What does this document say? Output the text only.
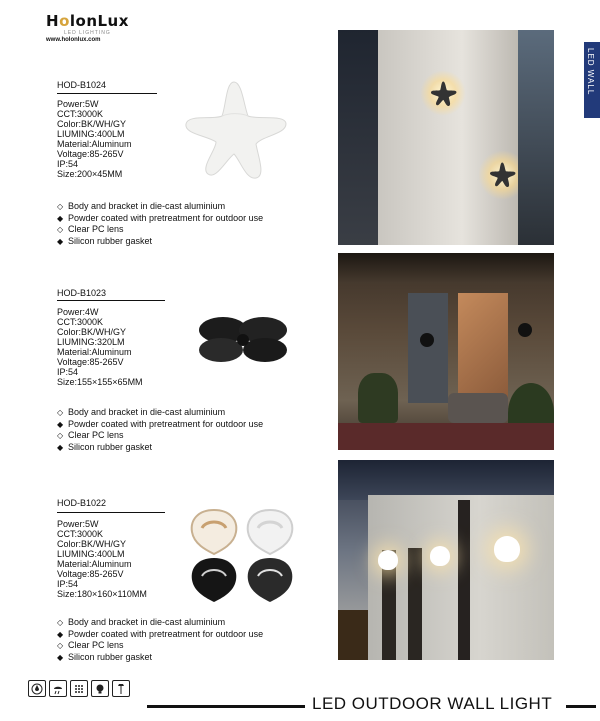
HolonLux
LED LIGHTING
www.holonlux.com
LED WALL
HOD-B1024
Power:5W
CCT:3000K
Color:BK/WH/GY
LIUMING:400LM
Material:Aluminum
Voltage:85-265V
IP:54
Size:200×45MM
◇ Body and bracket in die-cast aluminium
◆ Powder coated with pretreatment for outdoor use
◇ Clear PC lens
◆ Silicon rubber gasket
HOD-B1023
Power:4W
CCT:3000K
Color:BK/WH/GY
LIUMING:320LM
Material:Aluminum
Voltage:85-265V
IP:54
Size:155×155×65MM
◇ Body and bracket in die-cast aluminium
◆ Powder coated with pretreatment for outdoor use
◇ Clear PC lens
◆ Silicon rubber gasket
HOD-B1022
Power:5W
CCT:3000K
Color:BK/WH/GY
LIUMING:400LM
Material:Aluminum
Voltage:85-265V
IP:54
Size:180×160×110MM
◇ Body and bracket in die-cast aluminium
◆ Powder coated with pretreatment for outdoor use
◇ Clear PC lens
◆ Silicon rubber gasket
LED OUTDOOR WALL LIGHT
